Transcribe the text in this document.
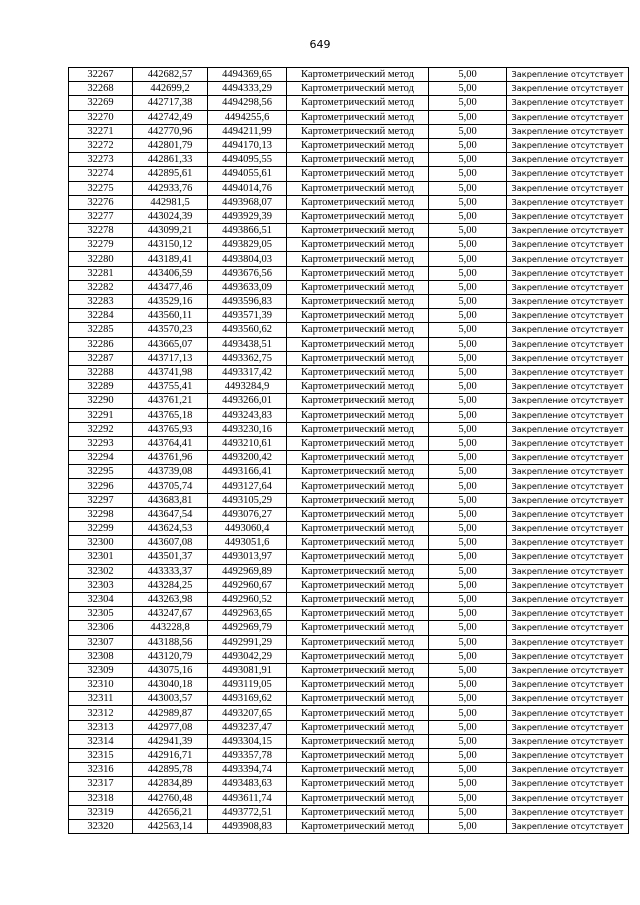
649
32267	442682,57	4494369,65	Картометрический метод	5,00	Закрепление отсутствует
32268	442699,2	4494333,29	Картометрический метод	5,00	Закрепление отсутствует
32269	442717,38	4494298,56	Картометрический метод	5,00	Закрепление отсутствует
32270	442742,49	4494255,6	Картометрический метод	5,00	Закрепление отсутствует
32271	442770,96	4494211,99	Картометрический метод	5,00	Закрепление отсутствует
32272	442801,79	4494170,13	Картометрический метод	5,00	Закрепление отсутствует
32273	442861,33	4494095,55	Картометрический метод	5,00	Закрепление отсутствует
32274	442895,61	4494055,61	Картометрический метод	5,00	Закрепление отсутствует
32275	442933,76	4494014,76	Картометрический метод	5,00	Закрепление отсутствует
32276	442981,5	4493968,07	Картометрический метод	5,00	Закрепление отсутствует
32277	443024,39	4493929,39	Картометрический метод	5,00	Закрепление отсутствует
32278	443099,21	4493866,51	Картометрический метод	5,00	Закрепление отсутствует
32279	443150,12	4493829,05	Картометрический метод	5,00	Закрепление отсутствует
32280	443189,41	4493804,03	Картометрический метод	5,00	Закрепление отсутствует
32281	443406,59	4493676,56	Картометрический метод	5,00	Закрепление отсутствует
32282	443477,46	4493633,09	Картометрический метод	5,00	Закрепление отсутствует
32283	443529,16	4493596,83	Картометрический метод	5,00	Закрепление отсутствует
32284	443560,11	4493571,39	Картометрический метод	5,00	Закрепление отсутствует
32285	443570,23	4493560,62	Картометрический метод	5,00	Закрепление отсутствует
32286	443665,07	4493438,51	Картометрический метод	5,00	Закрепление отсутствует
32287	443717,13	4493362,75	Картометрический метод	5,00	Закрепление отсутствует
32288	443741,98	4493317,42	Картометрический метод	5,00	Закрепление отсутствует
32289	443755,41	4493284,9	Картометрический метод	5,00	Закрепление отсутствует
32290	443761,21	4493266,01	Картометрический метод	5,00	Закрепление отсутствует
32291	443765,18	4493243,83	Картометрический метод	5,00	Закрепление отсутствует
32292	443765,93	4493230,16	Картометрический метод	5,00	Закрепление отсутствует
32293	443764,41	4493210,61	Картометрический метод	5,00	Закрепление отсутствует
32294	443761,96	4493200,42	Картометрический метод	5,00	Закрепление отсутствует
32295	443739,08	4493166,41	Картометрический метод	5,00	Закрепление отсутствует
32296	443705,74	4493127,64	Картометрический метод	5,00	Закрепление отсутствует
32297	443683,81	4493105,29	Картометрический метод	5,00	Закрепление отсутствует
32298	443647,54	4493076,27	Картометрический метод	5,00	Закрепление отсутствует
32299	443624,53	4493060,4	Картометрический метод	5,00	Закрепление отсутствует
32300	443607,08	4493051,6	Картометрический метод	5,00	Закрепление отсутствует
32301	443501,37	4493013,97	Картометрический метод	5,00	Закрепление отсутствует
32302	443333,37	4492969,89	Картометрический метод	5,00	Закрепление отсутствует
32303	443284,25	4492960,67	Картометрический метод	5,00	Закрепление отсутствует
32304	443263,98	4492960,52	Картометрический метод	5,00	Закрепление отсутствует
32305	443247,67	4492963,65	Картометрический метод	5,00	Закрепление отсутствует
32306	443228,8	4492969,79	Картометрический метод	5,00	Закрепление отсутствует
32307	443188,56	4492991,29	Картометрический метод	5,00	Закрепление отсутствует
32308	443120,79	4493042,29	Картометрический метод	5,00	Закрепление отсутствует
32309	443075,16	4493081,91	Картометрический метод	5,00	Закрепление отсутствует
32310	443040,18	4493119,05	Картометрический метод	5,00	Закрепление отсутствует
32311	443003,57	4493169,62	Картометрический метод	5,00	Закрепление отсутствует
32312	442989,87	4493207,65	Картометрический метод	5,00	Закрепление отсутствует
32313	442977,08	4493237,47	Картометрический метод	5,00	Закрепление отсутствует
32314	442941,39	4493304,15	Картометрический метод	5,00	Закрепление отсутствует
32315	442916,71	4493357,78	Картометрический метод	5,00	Закрепление отсутствует
32316	442895,78	4493394,74	Картометрический метод	5,00	Закрепление отсутствует
32317	442834,89	4493483,63	Картометрический метод	5,00	Закрепление отсутствует
32318	442760,48	4493611,74	Картометрический метод	5,00	Закрепление отсутствует
32319	442656,21	4493772,51	Картометрический метод	5,00	Закрепление отсутствует
32320	442563,14	4493908,83	Картометрический метод	5,00	Закрепление отсутствует
